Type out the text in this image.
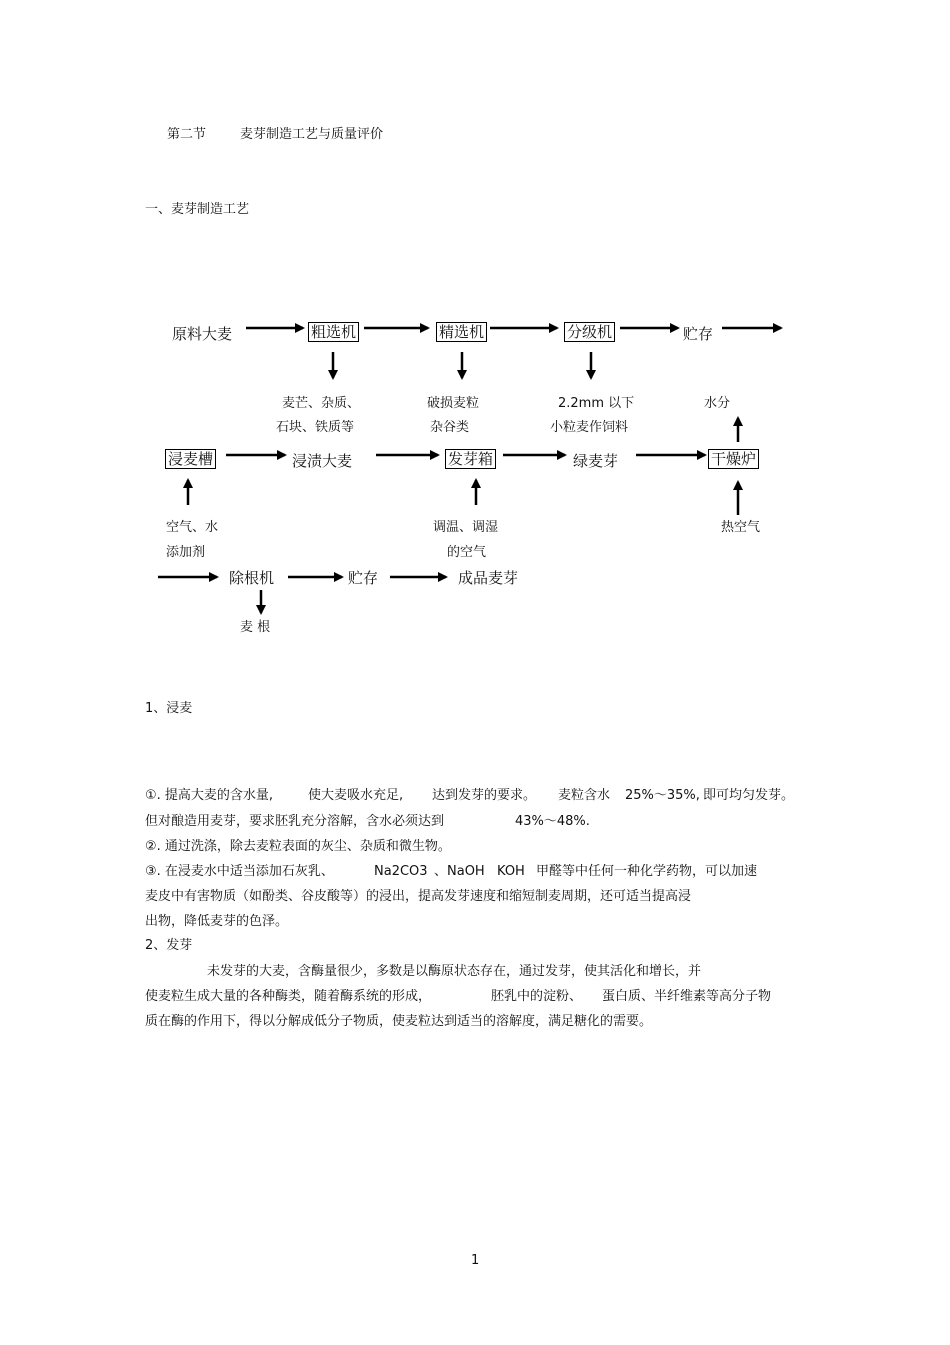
第二节	麦芽制造工艺与质量评价
一、麦芽制造工艺
原料大麦	粗选机	精选机	分级机	贮存
麦芒、杂质、
石块、铁质等
破损麦粒
杂谷类
2.2mm 以下
小粒麦作饲料
水分
浸麦槽	浸渍大麦	发芽箱	绿麦芽	干燥炉
空气、水
添加剂
调温、调湿
的空气
热空气
除根机	贮存	成品麦芽
麦 根
1、浸麦
①. 提高大麦的含水量,	使大麦吸水充足, 达到发芽的要求。 麦粒含水 25%～35%, 即可均匀发芽。
但对酿造用麦芽，要求胚乳充分溶解，含水必须达到	43%～48%.
②. 通过洗涤，除去麦粒表面的灰尘、杂质和微生物。
③. 在浸麦水中适当添加石灰乳、	Na2CO3 、NaOH KOH 甲醛等中任何一种化学药物，可以加速
麦皮中有害物质（如酚类、谷皮酸等）的浸出，提高发芽速度和缩短制麦周期，还可适当提高浸
出物，降低麦芽的色泽。
2、发芽
未发芽的大麦，含酶量很少，多数是以酶原状态存在，通过发芽，使其活化和增长，并
使麦粒生成大量的各种酶类，随着酶系统的形成，	胚乳中的淀粉、 蛋白质、半纤维素等高分子物
质在酶的作用下，得以分解成低分子物质，使麦粒达到适当的溶解度，满足糖化的需要。
1
